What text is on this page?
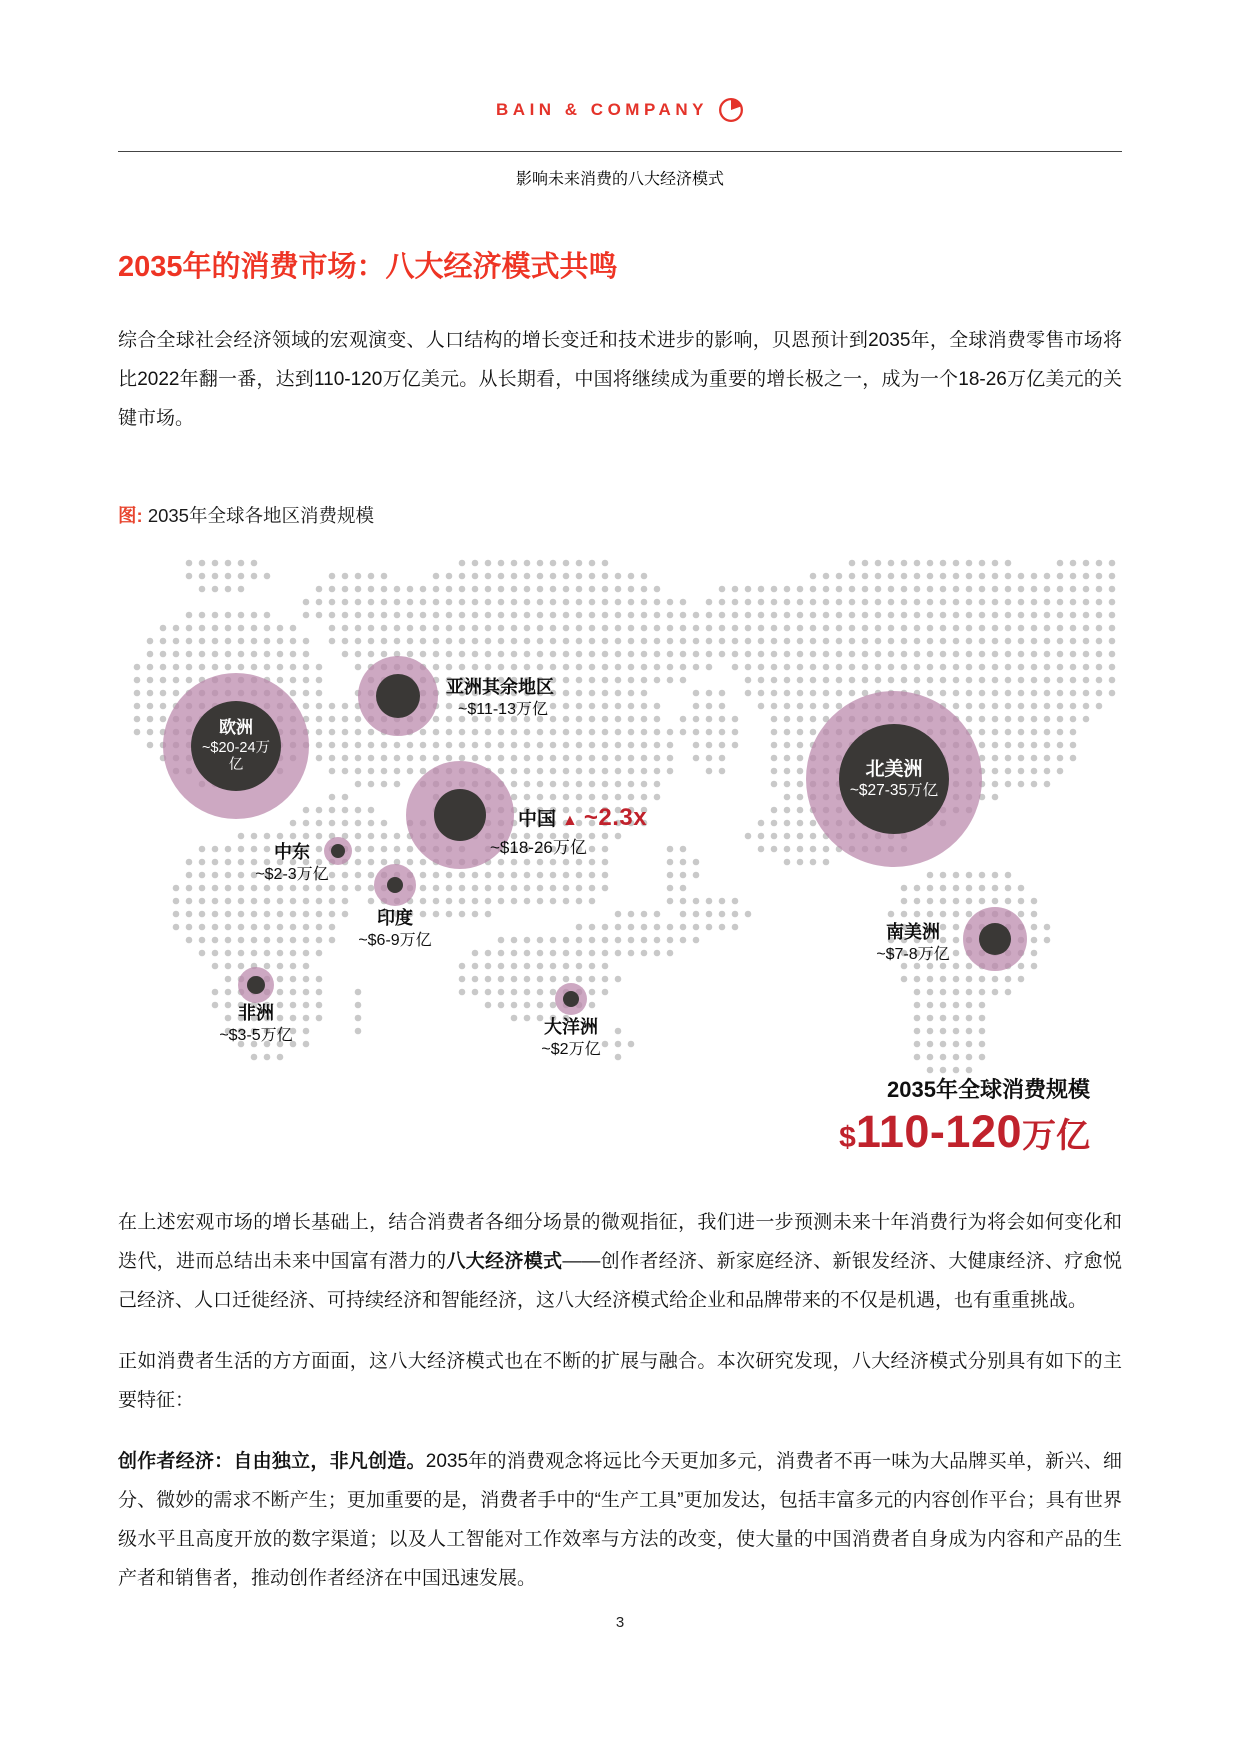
BAIN & COMPANY
影响未来消费的八大经济模式
2035年的消费市场：八大经济模式共鸣

综合全球社会经济领域的宏观演变、人口结构的增长变迁和技术进步的影响，贝恩预计到2035年，全球消费零售市场将比2022年翻一番，达到110-120万亿美元。从长期看，中国将继续成为重要的增长极之一，成为一个18-26万亿美元的关键市场。

图: 2035年全球各地区消费规模
欧洲
~$20-24万亿
亚洲其余地区
~$11-13万亿
中国 ▲ ~2.3x
~$18-26万亿
中东
~$2-3万亿
印度
~$6-9万亿
非洲
~$3-5万亿	大洋洲
~$2万亿
北美洲
~$27-35万亿
南美洲
~$7-8万亿
2035年全球消费规模
$110-120万亿

在上述宏观市场的增长基础上，结合消费者各细分场景的微观指征，我们进一步预测未来十年消费行为将会如何变化和迭代，进而总结出未来中国富有潜力的八大经济模式——创作者经济、新家庭经济、新银发经济、大健康经济、疗愈悦己经济、人口迁徙经济、可持续经济和智能经济，这八大经济模式给企业和品牌带来的不仅是机遇，也有重重挑战。

正如消费者生活的方方面面，这八大经济模式也在不断的扩展与融合。本次研究发现，八大经济模式分别具有如下的主要特征：

创作者经济：自由独立，非凡创造。2035年的消费观念将远比今天更加多元，消费者不再一味为大品牌买单，新兴、细分、微妙的需求不断产生；更加重要的是，消费者手中的“生产工具”更加发达，包括丰富多元的内容创作平台；具有世界级水平且高度开放的数字渠道；以及人工智能对工作效率与方法的改变，使大量的中国消费者自身成为内容和产品的生产者和销售者，推动创作者经济在中国迅速发展。

3
